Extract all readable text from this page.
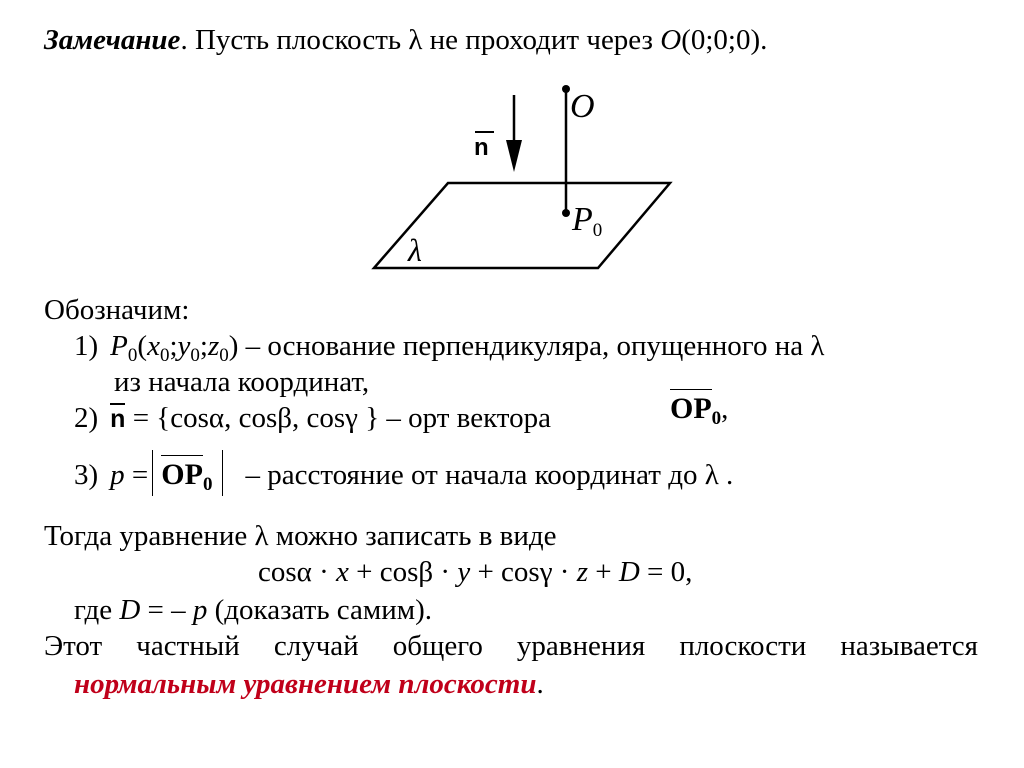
Замечание. Пусть плоскость λ не проходит через O(0;0;0).
O
$P_0$
n
λ
Обозначим:
1) $P_0(x_0;y_0;z_0)$ – основание перпендикуляра, опущенного на λ
из начала координат,
2) n = {cosα, cosβ, cosγ } – орт вектора	$OP_0$,
3) $p = OP_0$ – расстояние от начала координат до λ .
Тогда уравнение λ можно записать в виде
cosα · x + cosβ · y + cosγ · z + D = 0,
где D = – p (доказать самим).
Этот частный случай общего уравнения плоскости называется
нормальным уравнением плоскости.
